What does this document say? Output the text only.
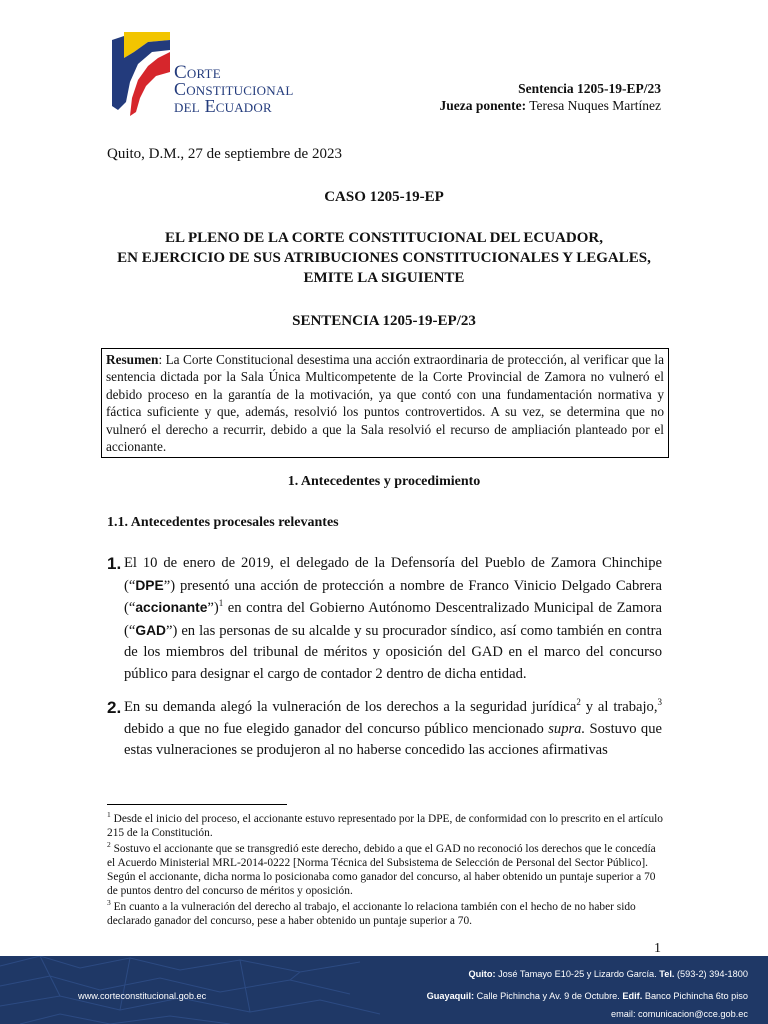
Corte
Constitucional
del Ecuador
Sentencia 1205-19-EP/23
Jueza ponente: Teresa Nuques Martínez
Quito, D.M., 27 de septiembre de 2023
CASO 1205-19-EP
EL PLENO DE LA CORTE CONSTITUCIONAL DEL ECUADOR,
EN EJERCICIO DE SUS ATRIBUCIONES CONSTITUCIONALES Y LEGALES,
EMITE LA SIGUIENTE
SENTENCIA 1205-19-EP/23
Resumen: La Corte Constitucional desestima una acción extraordinaria de protección, al verificar que la sentencia dictada por la Sala Única Multicompetente de la Corte Provincial de Zamora no vulneró el debido proceso en la garantía de la motivación, ya que contó con una fundamentación normativa y fáctica suficiente y que, además, resolvió los puntos controvertidos. A su vez, se determina que no vulneró el derecho a recurrir, debido a que la Sala resolvió el recurso de ampliación planteado por el accionante.
1. Antecedentes y procedimiento
1.1. Antecedentes procesales relevantes
1. El 10 de enero de 2019, el delegado de la Defensoría del Pueblo de Zamora Chinchipe (“DPE”) presentó una acción de protección a nombre de Franco Vinicio Delgado Cabrera (“accionante”)$^1$ en contra del Gobierno Autónomo Descentralizado Municipal de Zamora (“GAD”) en las personas de su alcalde y su procurador síndico, así como también en contra de los miembros del tribunal de méritos y oposición del GAD en el marco del concurso público para designar el cargo de contador 2 dentro de dicha entidad.
2. En su demanda alegó la vulneración de los derechos a la seguridad jurídica$^2$ y al trabajo,$^3$ debido a que no fue elegido ganador del concurso público mencionado supra. Sostuvo que estas vulneraciones se produjeron al no haberse concedido las acciones afirmativas

$^1$ Desde el inicio del proceso, el accionante estuvo representado por la DPE, de conformidad con lo prescrito en el artículo 215 de la Constitución.

$^2$ Sostuvo el accionante que se transgredió este derecho, debido a que el GAD no reconoció los derechos que le concedía el Acuerdo Ministerial MRL-2014-0222 [Norma Técnica del Subsistema de Selección de Personal del Sector Público]. Según el accionante, dicha norma lo posicionaba como ganador del concurso, al haber obtenido un puntaje superior a 70 de puntos dentro del concurso de méritos y oposición.

$^3$ En cuanto a la vulneración del derecho al trabajo, el accionante lo relaciona también con el hecho de no haber sido declarado ganador del concurso, pese a haber obtenido un puntaje superior a 70.

1
www.corteconstitucional.gob.ec
Quito: José Tamayo E10-25 y Lizardo García. Tel. (593-2) 394-1800
Guayaquil: Calle Pichincha y Av. 9 de Octubre. Edif. Banco Pichincha 6to piso
email: comunicacion@cce.gob.ec
